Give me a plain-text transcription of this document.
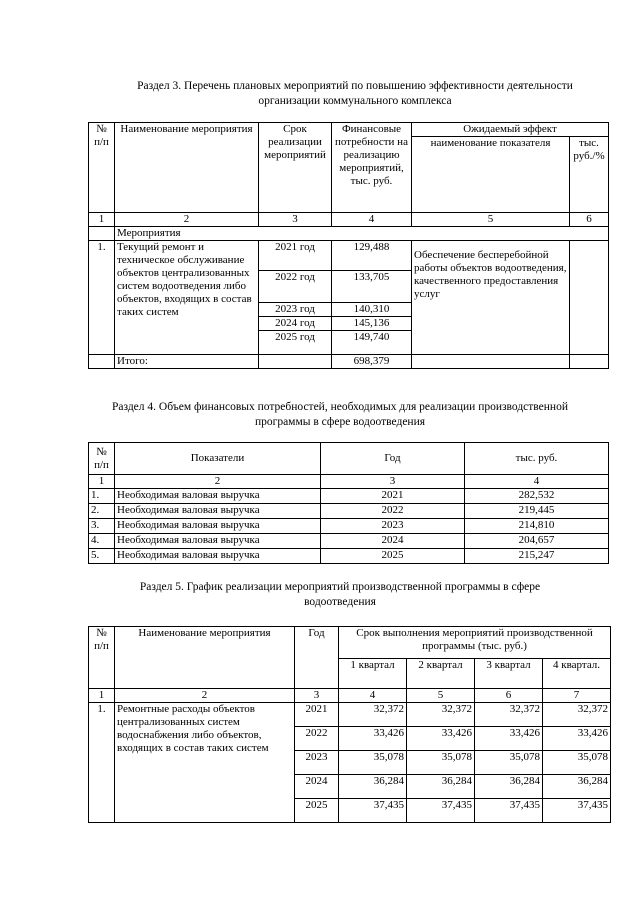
Раздел 3. Перечень плановых мероприятий по повышению эффективности деятельности
организации коммунального комплекса
№ п/п	Наименование мероприятия	Срок реализации мероприятий	Финансовые потребности на реализацию мероприятий, тыс. руб.	Ожидаемый эффект	
				наименование показателя	тыс. руб./%
1	2	3	4	5	6
	Мероприятия				
1.	Текущий ремонт и техническое обслуживание объектов централизованных систем водоотведения либо объектов, входящих в состав таких систем	2021 год	129,488	Обеспечение бесперебойной работы объектов водоотведения, качественного предоставления услуг	
		2022 год	133,705		
		2023 год	140,310		
		2024 год	145,136		
		2025 год	149,740		
	Итого:		698,379		
Раздел 4. Объем финансовых потребностей, необходимых для реализации производственной
программы в сфере водоотведения
№ п/п	Показатели	Год	тыс. руб.
1	2	3	4
1.	Необходимая валовая выручка	2021	282,532
2.	Необходимая валовая выручка	2022	219,445
3.	Необходимая валовая выручка	2023	214,810
4.	Необходимая валовая выручка	2024	204,657
5.	Необходимая валовая выручка	2025	215,247
Раздел 5. График реализации мероприятий производственной программы в сфере
водоотведения
№ п/п	Наименование мероприятия	Год	Срок выполнения мероприятий производственной программы (тыс. руб.)			
			1 квартал	2 квартал	3 квартал	4 квартал.
1	2	3	4	5	6	7
1.	Ремонтные расходы объектов централизованных систем водоснабжения либо объектов, входящих в состав таких систем	2021	32,372	32,372	32,372	32,372
		2022	33,426	33,426	33,426	33,426
		2023	35,078	35,078	35,078	35,078
		2024	36,284	36,284	36,284	36,284
		2025	37,435	37,435	37,435	37,435
